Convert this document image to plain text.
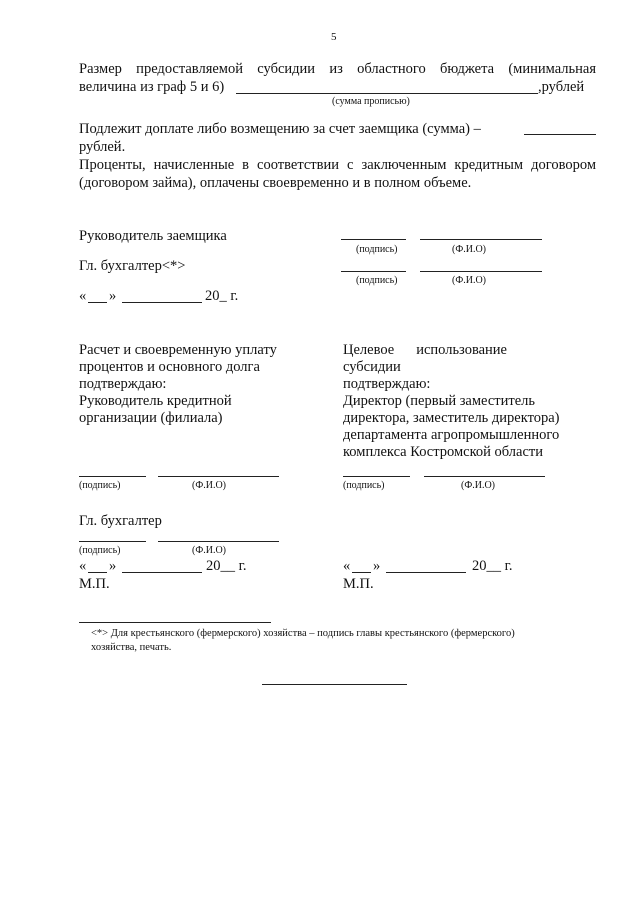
5
Размер предоставляемой субсидии из областного бюджета (минимальная
величина из граф 5 и 6)	,рублей
(сумма прописью)
Подлежит доплате либо возмещению за счет заемщика (сумма) –
рублей.
Проценты, начисленные в соответствии с заключенным кредитным договором
(договором займа), оплачены своевременно и в полном объеме.
Руководитель заемщика
(подпись)	(Ф.И.О)
Гл. бухгалтер<*>
(подпись)	(Ф.И.О)
« »	20_ г.
Расчет и своевременную уплату
процентов и основного долга
подтверждаю:
Руководитель кредитной
организации (филиала)
(подпись)	(Ф.И.О)
Гл. бухгалтер
(подпись)	(Ф.И.О)
« »	20__ г.
М.П.
Целевое использование
субсидии
подтверждаю:
Директор (первый заместитель
директора, заместитель директора)
департамента агропромышленного
комплекса Костромской области
(подпись)	(Ф.И.О)
« »	20__ г.
М.П.
<*> Для крестьянского (фермерского) хозяйства – подпись главы крестьянского (фермерского)
хозяйства, печать.
